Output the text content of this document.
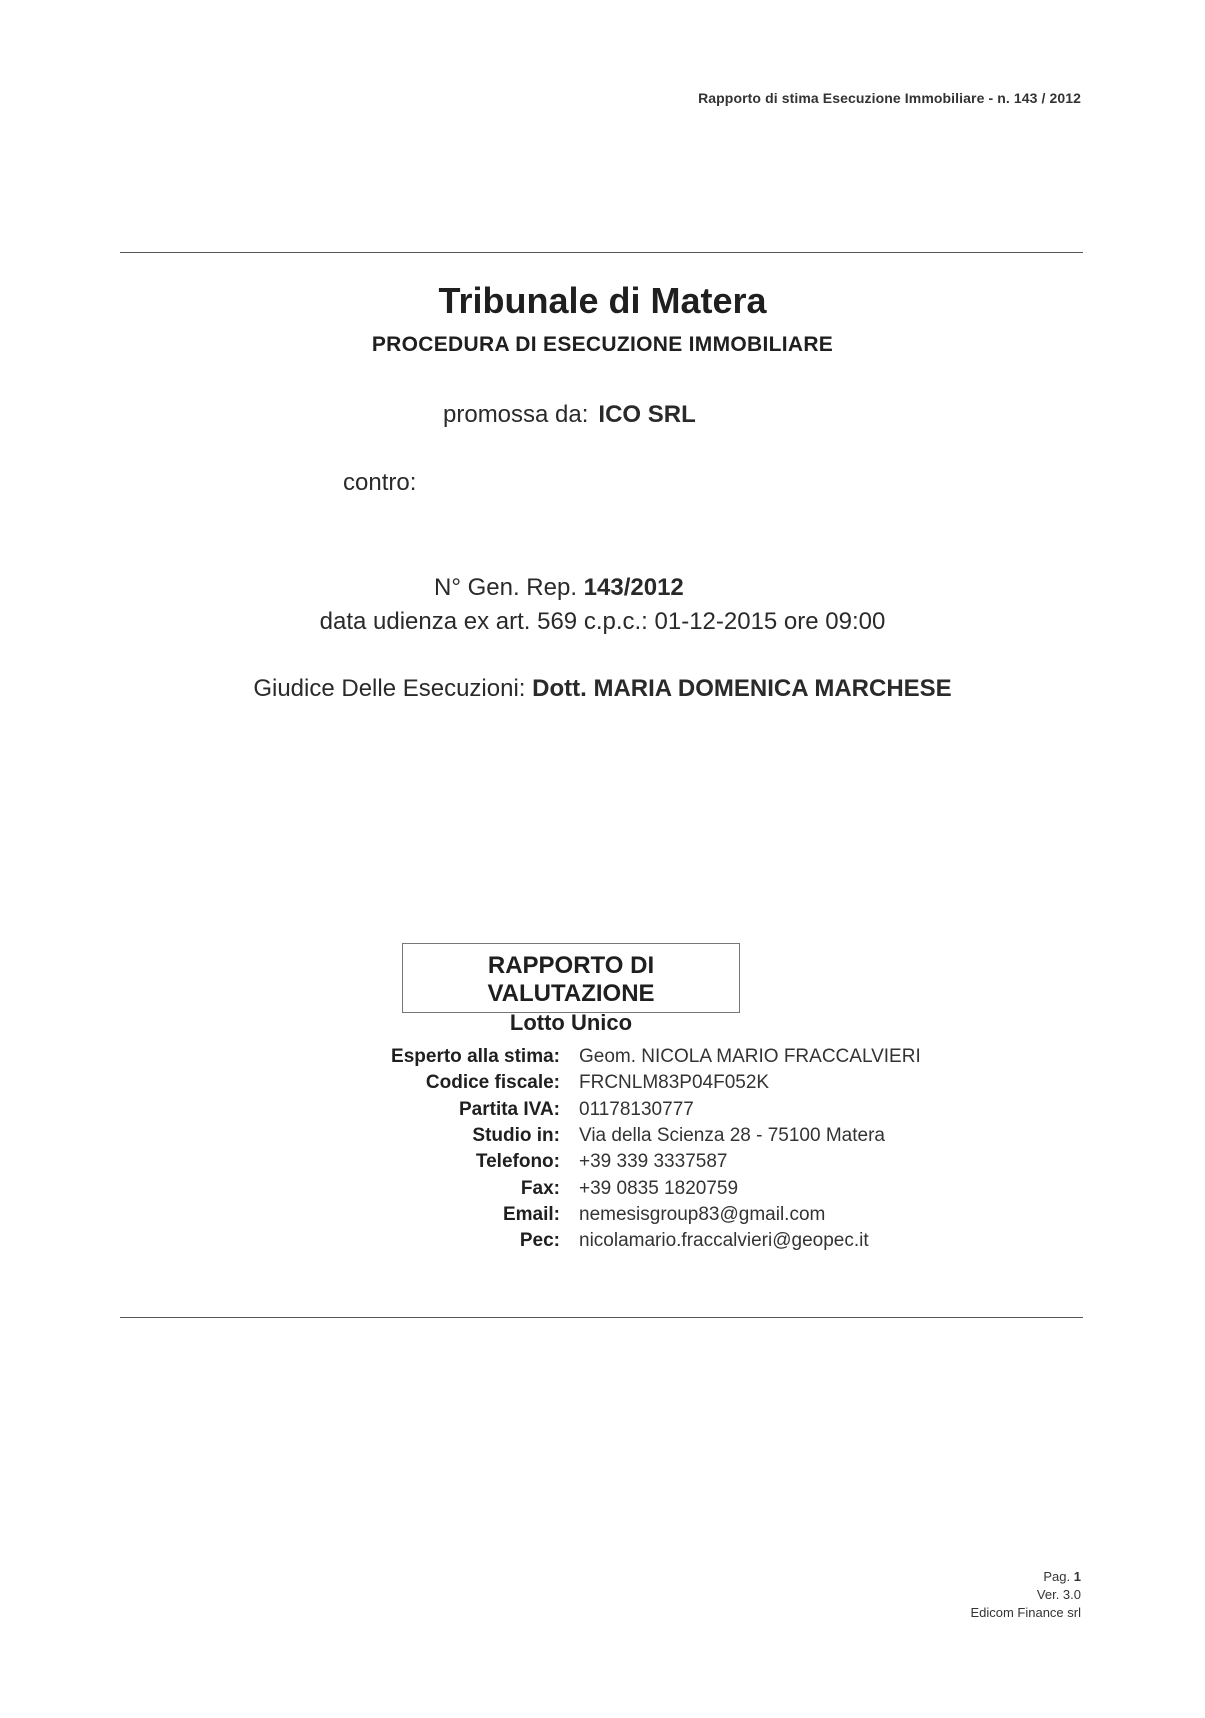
Rapporto di stima Esecuzione Immobiliare - n. 143 / 2012
Tribunale di Matera
PROCEDURA DI ESECUZIONE IMMOBILIARE
promossa da: ICO SRL
contro:
N° Gen. Rep. 143/2012
data udienza ex art. 569 c.p.c.: 01-12-2015 ore 09:00
Giudice Delle Esecuzioni: Dott. MARIA DOMENICA MARCHESE
RAPPORTO DI VALUTAZIONE
Lotto Unico
Esperto alla stima: Geom. NICOLA MARIO FRACCALVIERI
Codice fiscale: FRCNLM83P04F052K
Partita IVA: 01178130777
Studio in: Via della Scienza 28 - 75100 Matera
Telefono: +39 339 3337587
Fax: +39 0835 1820759
Email: nemesisgroup83@gmail.com
Pec: nicolamario.fraccalvieri@geopec.it
Pag. 1
Ver. 3.0
Edicom Finance srl
